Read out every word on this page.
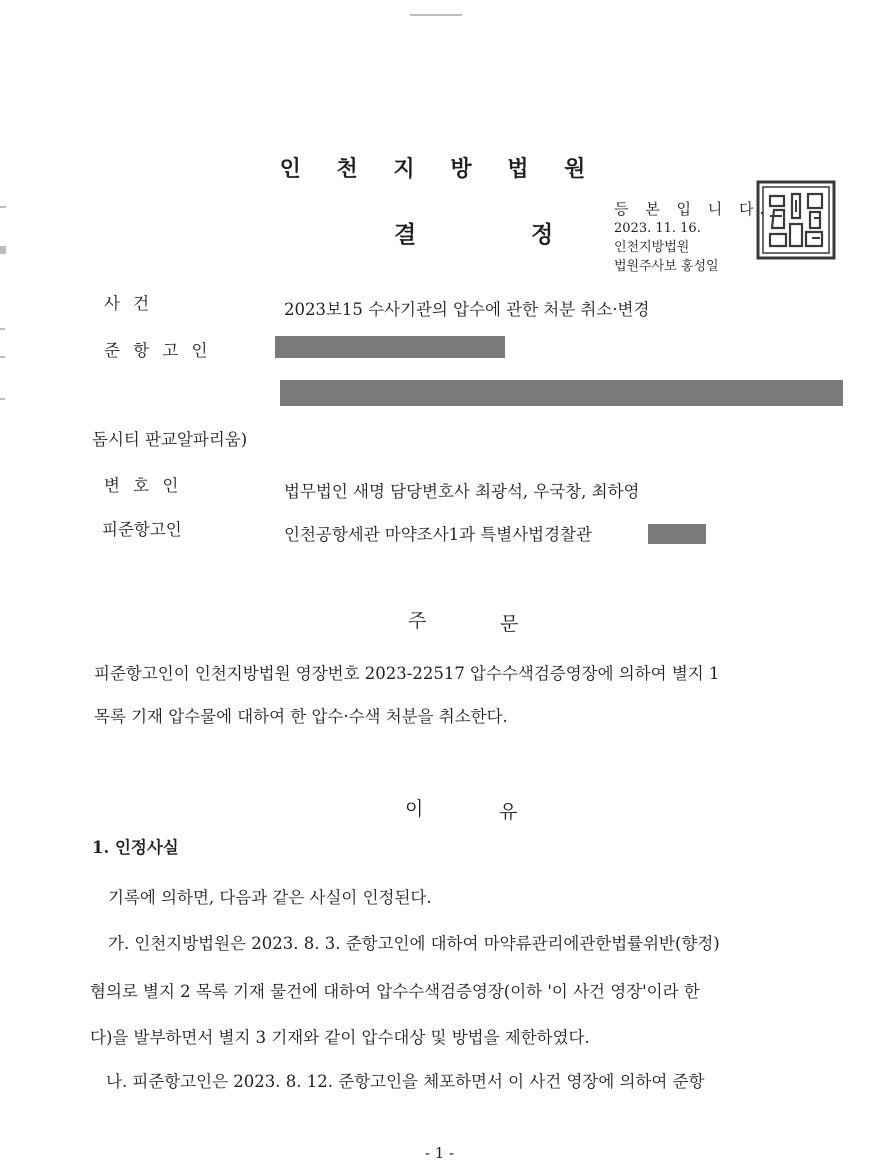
인 천 지 방 법 원
결	정
등 본 입 니 다.
2023. 11. 16.
인천지방법원
법원주사보 홍성일
사 건	2023보15 수사기관의 압수에 관한 처분 취소·변경
준 항 고 인
돔시티 판교알파리움)
변 호 인	법무법인 새명 담당변호사 최광석, 우국창, 최하영
피준항고인	인천공항세관 마약조사1과 특별사법경찰관
주	문
피준항고인이 인천지방법원 영장번호 2023-22517 압수수색검증영장에 의하여 별지 1
목록 기재 압수물에 대하여 한 압수·수색 처분을 취소한다.
이	유
1. 인정사실
기록에 의하면, 다음과 같은 사실이 인정된다.
가. 인천지방법원은 2023. 8. 3. 준항고인에 대하여 마약류관리에관한법률위반(향정)
혐의로 별지 2 목록 기재 물건에 대하여 압수수색검증영장(이하 '이 사건 영장'이라 한
다)을 발부하면서 별지 3 기재와 같이 압수대상 및 방법을 제한하였다.
나. 피준항고인은 2023. 8. 12. 준항고인을 체포하면서 이 사건 영장에 의하여 준항
- 1 -
